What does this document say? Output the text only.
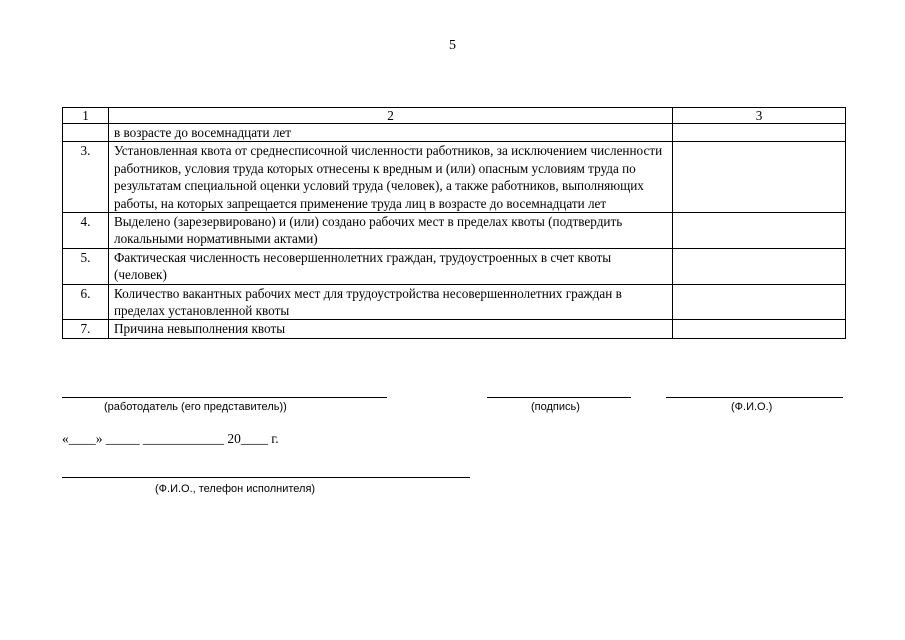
5
1	2	3
	в возрасте до восемнадцати лет	
3.	Установленная квота от среднесписочной численности работников, за исключением численности работников, условия труда которых отнесены к вредным и (или) опасным условиям труда по результатам специальной оценки условий труда (человек), а также работников, выполняющих работы, на которых запрещается применение труда лиц в возрасте до восемнадцати лет	
4.	Выделено (зарезервировано) и (или) создано рабочих мест в пределах квоты (подтвердить локальными нормативными актами)	
5.	Фактическая численность несовершеннолетних граждан, трудоустроенных в счет квоты (человек)	
6.	Количество вакантных рабочих мест для трудоустройства несовершеннолетних граждан в пределах установленной квоты	
7.	Причина невыполнения квоты	
(работодатель (его представитель))	(подпись)	(Ф.И.О.)
«____» _____ ____________ 20____ г.
(Ф.И.О., телефон исполнителя)
